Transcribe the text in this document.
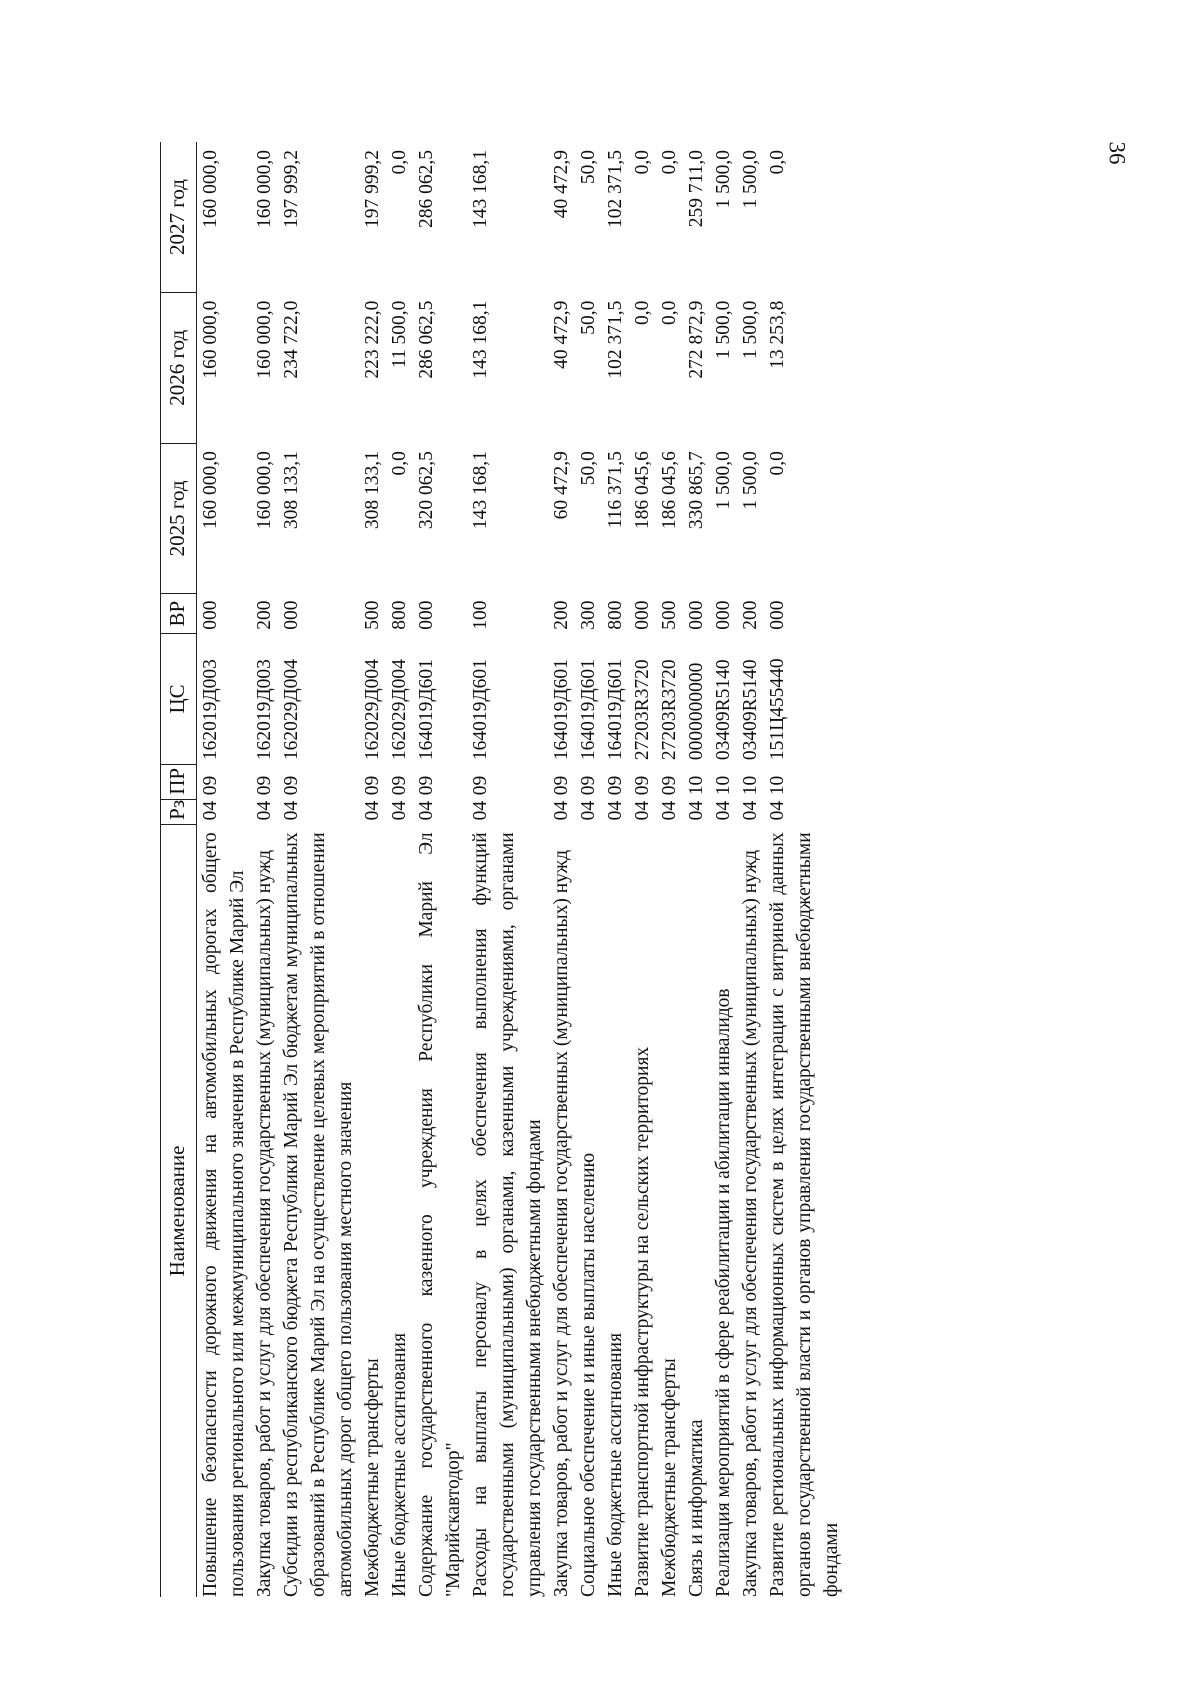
36
Наименование	Рз	ПР	ЦС	ВР	2025 год	2026 год	2027 год
Повышение безопасности дорожного движения на автомобильных дорогах общего пользования регионального или межмуниципального значения в Республике Марий Эл	04	09	162019Д003	000	160 000,0	160 000,0	160 000,0
Закупка товаров, работ и услуг для обеспечения государственных (муниципальных) нужд	04	09	162019Д003	200	160 000,0	160 000,0	160 000,0
Субсидии из республиканского бюджета Республики Марий Эл бюджетам муниципальных образований в Республике Марий Эл на осуществление целевых мероприятий в отношении автомобильных дорог общего пользования местного значения	04	09	162029Д004	000	308 133,1	234 722,0	197 999,2
Межбюджетные трансферты	04	09	162029Д004	500	308 133,1	223 222,0	197 999,2
Иные бюджетные ассигнования	04	09	162029Д004	800	0,0	11 500,0	0,0
Содержание государственного казенного учреждения Республики Марий Эл "Марийскавтодор"	04	09	164019Д601	000	320 062,5	286 062,5	286 062,5
Расходы на выплаты персоналу в целях обеспечения выполнения функций государственными (муниципальными) органами, казенными учреждениями, органами управления государственными внебюджетными фондами	04	09	164019Д601	100	143 168,1	143 168,1	143 168,1
Закупка товаров, работ и услуг для обеспечения государственных (муниципальных) нужд	04	09	164019Д601	200	60 472,9	40 472,9	40 472,9
Социальное обеспечение и иные выплаты населению	04	09	164019Д601	300	50,0	50,0	50,0
Иные бюджетные ассигнования	04	09	164019Д601	800	116 371,5	102 371,5	102 371,5
Развитие транспортной инфраструктуры на сельских территориях	04	09	27203R3720	000	186 045,6	0,0	0,0
Межбюджетные трансферты	04	09	27203R3720	500	186 045,6	0,0	0,0
Связь и информатика	04	10	0000000000	000	330 865,7	272 872,9	259 711,0
Реализация мероприятий в сфере реабилитации и абилитации инвалидов	04	10	03409R5140	000	1 500,0	1 500,0	1 500,0
Закупка товаров, работ и услуг для обеспечения государственных (муниципальных) нужд	04	10	03409R5140	200	1 500,0	1 500,0	1 500,0
Развитие региональных информационных систем в целях интеграции с витриной данных органов государственной власти и органов управления государственными внебюджетными фондами	04	10	151Ц455440	000	0,0	13 253,8	0,0
